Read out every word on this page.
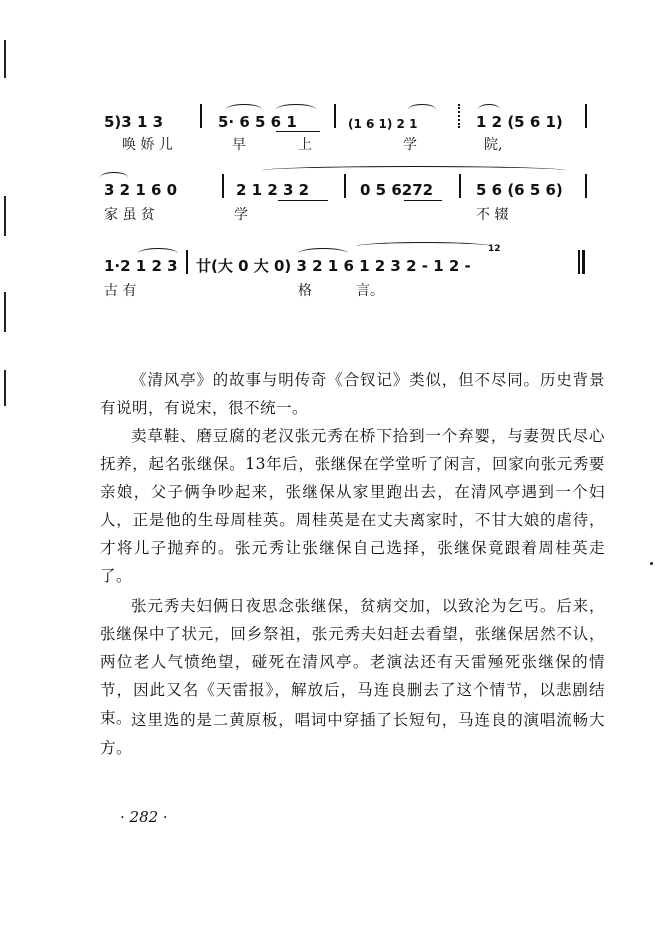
5)3 1 3	5· 6 5 6 1	(1 6 1) 2 1	1 2 (5 6 1)
唤 娇 儿	早	上	学	院,
3 2 1 6 0	2 1 2 3 2	0 5 6272	5 6 (6 5 6)
家 虽 贫	学	不 辍
1·2 1 2 3 廿(大 0 大 0) 3 2 1 6 1 2 3 2 - 1 2 -
12
古 有	格	言。

《清风亭》的故事与明传奇《合钗记》类似，但不尽同。历史背景有说明，有说宋，很不统一。

卖草鞋、磨豆腐的老汉张元秀在桥下拾到一个弃婴，与妻贺氏尽心抚养，起名张继保。13年后，张继保在学堂听了闲言，回家向张元秀要亲娘，父子俩争吵起来，张继保从家里跑出去，在清风亭遇到一个妇人，正是他的生母周桂英。周桂英是在丈夫离家时，不甘大娘的虐待，才将儿子抛弃的。张元秀让张继保自己选择，张继保竟跟着周桂英走了。

张元秀夫妇俩日夜思念张继保，贫病交加，以致沦为乞丐。后来，张继保中了状元，回乡祭祖，张元秀夫妇赶去看望，张继保居然不认，两位老人气愤绝望，碰死在清风亭。老演法还有天雷殛死张继保的情节，因此又名《天雷报》，解放后，马连良删去了这个情节，以悲剧结束。

这里选的是二黄原板，唱词中穿插了长短句，马连良的演唱流畅大方。

· 282 ·
